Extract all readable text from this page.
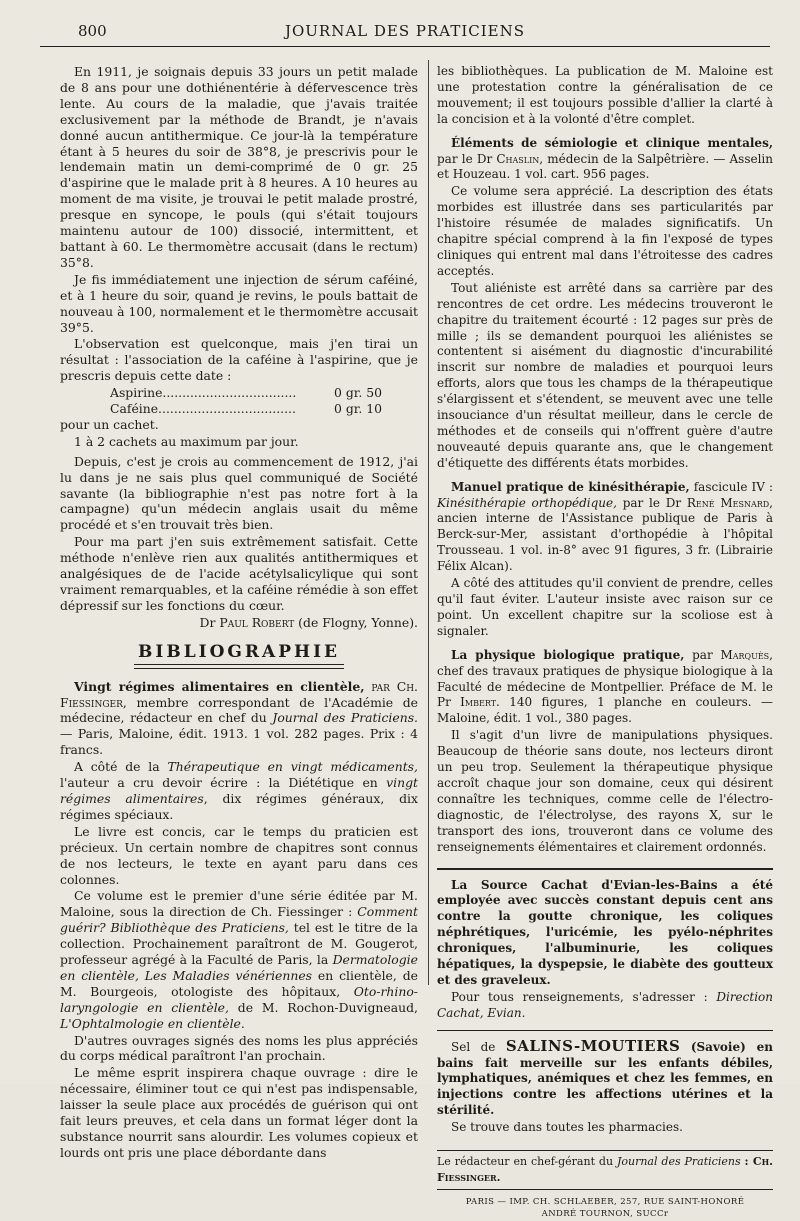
800	JOURNAL DES PRATICIENS

En 1911, je soignais depuis 33 jours un petit malade de 8 ans pour une dothiénentérie à défervescence très lente. Au cours de la maladie, que j'avais traitée exclusivement par la méthode de Brandt, je n'avais donné aucun antithermique. Ce jour-là la température étant à 5 heures du soir de 38°8, je prescrivis pour le lendemain matin un demi-comprimé de 0 gr. 25 d'aspirine que le malade prit à 8 heures. A 10 heures au moment de ma visite, je trouvai le petit malade prostré, presque en syncope, le pouls (qui s'était toujours maintenu autour de 100) dissocié, intermittent, et battant à 60. Le thermomètre accusait (dans le rectum) 35°8.

Je fis immédiatement une injection de sérum caféiné, et à 1 heure du soir, quand je revins, le pouls battait de nouveau à 100, normalement et le thermomètre accusait 39°5.

L'observation est quelconque, mais j'en tirai un résultat : l'association de la caféine à l'aspirine, que je prescris depuis cette date :

Aspirine..................................	0 gr. 50
Caféine...................................	0 gr. 10

pour un cachet.

1 à 2 cachets au maximum par jour.

Depuis, c'est je crois au commencement de 1912, j'ai lu dans je ne sais plus quel communiqué de Société savante (la bibliographie n'est pas notre fort à la campagne) qu'un médecin anglais usait du même procédé et s'en trouvait très bien.

Pour ma part j'en suis extrêmement satisfait. Cette méthode n'enlève rien aux qualités antithermiques et analgésiques de de l'acide acétylsalicylique qui sont vraiment remarquables, et la caféine rémédie à son effet dépressif sur les fonctions du cœur.

Dr Paul Robert (de Flogny, Yonne).

BIBLIOGRAPHIE

Vingt régimes alimentaires en clientèle, par Ch. Fiessinger, membre correspondant de l'Académie de médecine, rédacteur en chef du Journal des Praticiens. — Paris, Maloine, édit. 1913. 1 vol. 282 pages. Prix : 4 francs.

A côté de la Thérapeutique en vingt médicaments, l'auteur a cru devoir écrire : la Diététique en vingt régimes alimentaires, dix régimes généraux, dix régimes spéciaux.

Le livre est concis, car le temps du praticien est précieux. Un certain nombre de chapitres sont connus de nos lecteurs, le texte en ayant paru dans ces colonnes.

Ce volume est le premier d'une série éditée par M. Maloine, sous la direction de Ch. Fiessinger : Comment guérir? Bibliothèque des Praticiens, tel est le titre de la collection. Prochainement paraîtront de M. Gougerot, professeur agrégé à la Faculté de Paris, la Dermatologie en clientèle, Les Maladies vénériennes en clientèle, de M. Bourgeois, otologiste des hôpitaux, Oto-rhino-laryngologie en clientèle, de M. Rochon-Duvigneaud, L'Ophtalmologie en clientèle.

D'autres ouvrages signés des noms les plus appréciés du corps médical paraîtront l'an prochain.

Le même esprit inspirera chaque ouvrage : dire le nécessaire, éliminer tout ce qui n'est pas indispensable, laisser la seule place aux procédés de guérison qui ont fait leurs preuves, et cela dans un format léger dont la substance nourrit sans alourdir. Les volumes copieux et lourds ont pris une place débordante dans

les bibliothèques. La publication de M. Maloine est une protestation contre la généralisation de ce mouvement; il est toujours possible d'allier la clarté à la concision et à la volonté d'être complet.

Éléments de sémiologie et clinique mentales, par le Dr Chaslin, médecin de la Salpêtrière. — Asselin et Houzeau. 1 vol. cart. 956 pages.

Ce volume sera apprécié. La description des états morbides est illustrée dans ses particularités par l'histoire résumée de malades significatifs. Un chapitre spécial comprend à la fin l'exposé de types cliniques qui entrent mal dans l'étroitesse des cadres acceptés.

Tout aliéniste est arrêté dans sa carrière par des rencontres de cet ordre. Les médecins trouveront le chapitre du traitement écourté : 12 pages sur près de mille ; ils se demandent pourquoi les aliénistes se contentent si aisément du diagnostic d'incurabilité inscrit sur nombre de maladies et pourquoi leurs efforts, alors que tous les champs de la thérapeutique s'élargissent et s'étendent, se meuvent avec une telle insouciance d'un résultat meilleur, dans le cercle de méthodes et de conseils qui n'offrent guère d'autre nouveauté depuis quarante ans, que le changement d'étiquette des différents états morbides.

Manuel pratique de kinésithérapie, fascicule IV : Kinésithérapie orthopédique, par le Dr René Mesnard, ancien interne de l'Assistance publique de Paris à Berck-sur-Mer, assistant d'orthopédie à l'hôpital Trousseau. 1 vol. in-8° avec 91 figures, 3 fr. (Librairie Félix Alcan).

A côté des attitudes qu'il convient de prendre, celles qu'il faut éviter. L'auteur insiste avec raison sur ce point. Un excellent chapitre sur la scoliose est à signaler.

La physique biologique pratique, par Marquès, chef des travaux pratiques de physique biologique à la Faculté de médecine de Montpellier. Préface de M. le Pr Imbert. 140 figures, 1 planche en couleurs. — Maloine, édit. 1 vol., 380 pages.

Il s'agit d'un livre de manipulations physiques. Beaucoup de théorie sans doute, nos lecteurs diront un peu trop. Seulement la thérapeutique physique accroît chaque jour son domaine, ceux qui désirent connaître les techniques, comme celle de l'électro-diagnostic, de l'électrolyse, des rayons X, sur le transport des ions, trouveront dans ce volume des renseignements élémentaires et clairement ordonnés.

La Source Cachat d'Evian-les-Bains a été employée avec succès constant depuis cent ans contre la goutte chronique, les coliques néphrétiques, l'uricémie, les pyélo-néphrites chroniques, l'albuminurie, les coliques hépatiques, la dyspepsie, le diabète des goutteux et des graveleux.

Pour tous renseignements, s'adresser : Direction Cachat, Evian.

Sel de SALINS-MOUTIERS (Savoie) en bains fait merveille sur les enfants débiles, lymphatiques, anémiques et chez les femmes, en injections contre les affections utérines et la stérilité.

Se trouve dans toutes les pharmacies.

Le rédacteur en chef-gérant du Journal des Praticiens : Ch. Fiessinger.

PARIS — IMP. CH. SCHLAEBER, 257, RUE SAINT-HONORÉ
ANDRÉ TOURNON, SUCCr
